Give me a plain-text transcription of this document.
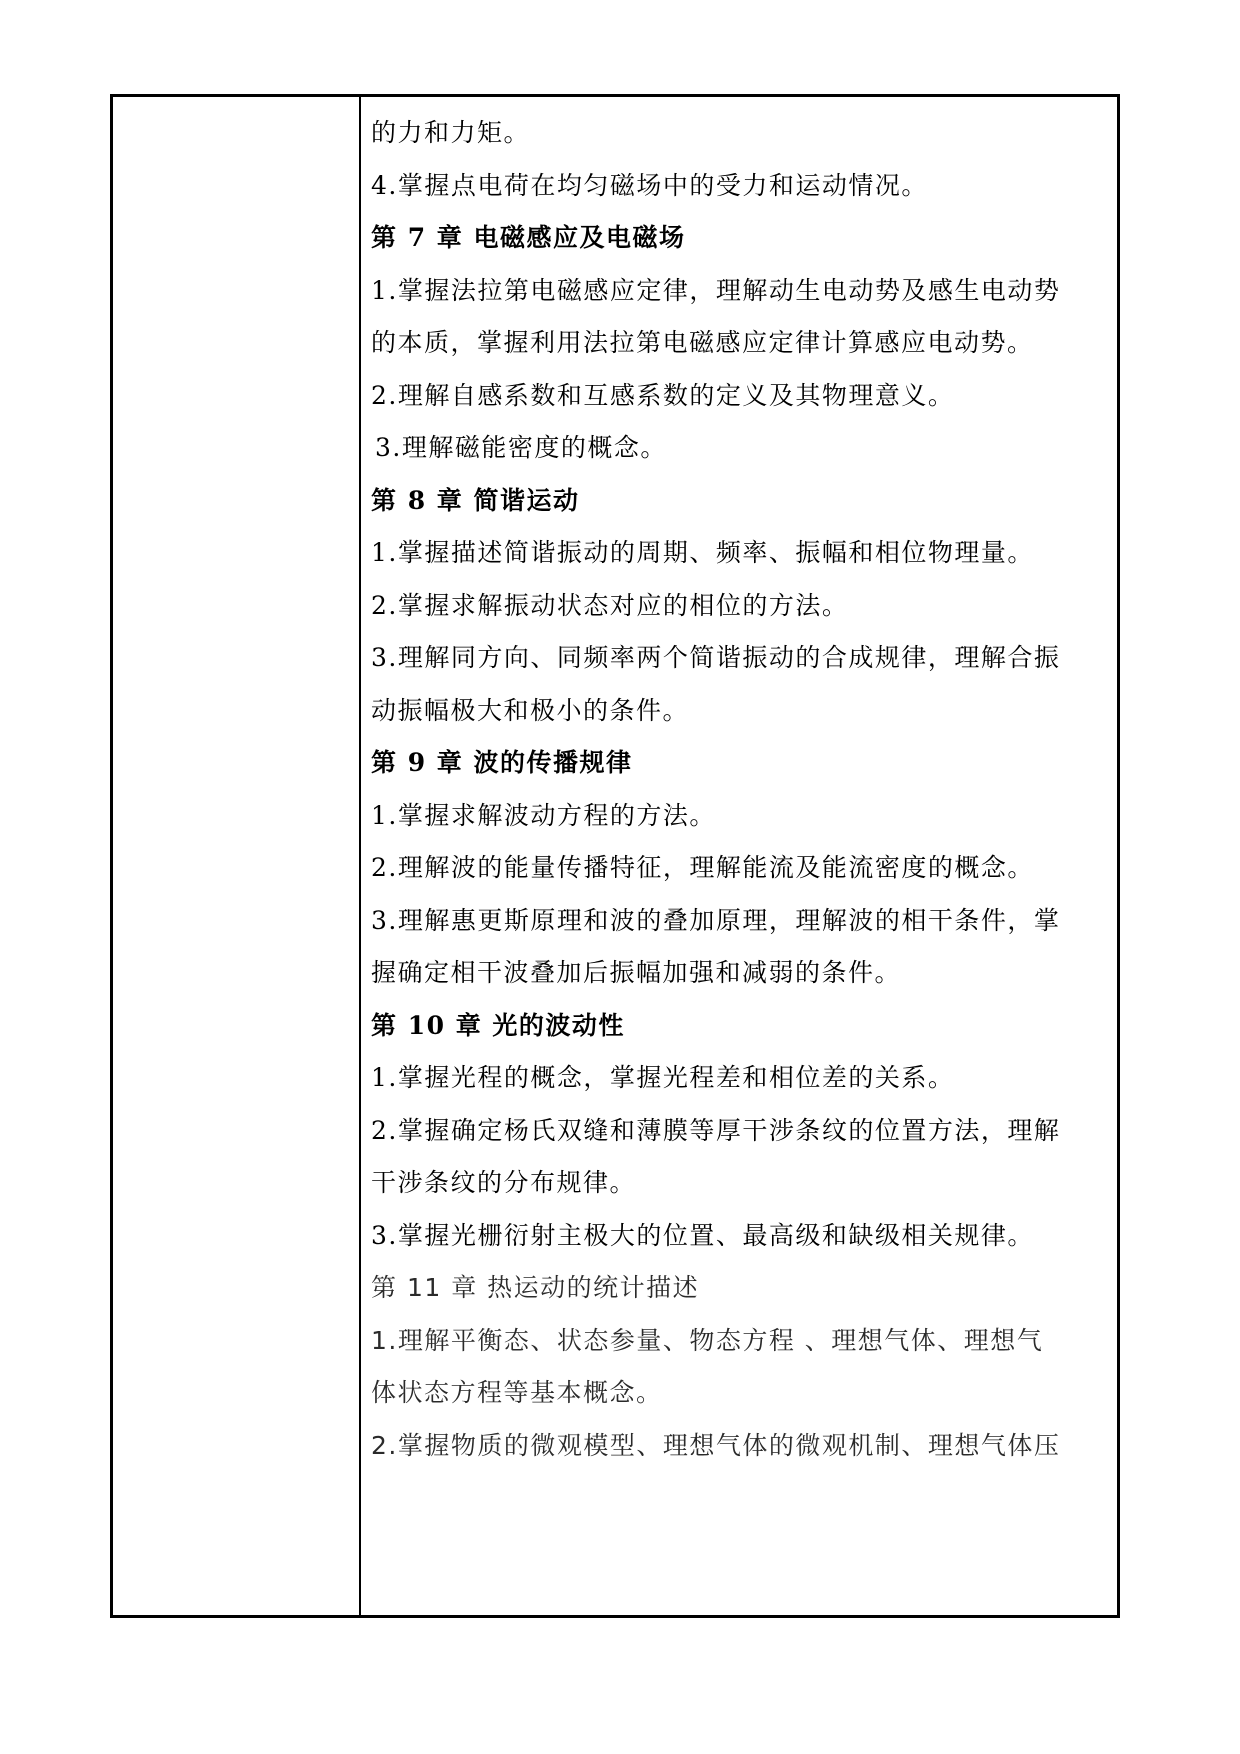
的力和力矩。
4.掌握点电荷在均匀磁场中的受力和运动情况。
第 7 章 电磁感应及电磁场
1.掌握法拉第电磁感应定律，理解动生电动势及感生电动势
的本质，掌握利用法拉第电磁感应定律计算感应电动势。
2.理解自感系数和互感系数的定义及其物理意义。
3.理解磁能密度的概念。
第 8 章 简谐运动
1.掌握描述简谐振动的周期、频率、振幅和相位物理量。
2.掌握求解振动状态对应的相位的方法。
3.理解同方向、同频率两个简谐振动的合成规律，理解合振
动振幅极大和极小的条件。
第 9 章 波的传播规律
1.掌握求解波动方程的方法。
2.理解波的能量传播特征，理解能流及能流密度的概念。
3.理解惠更斯原理和波的叠加原理，理解波的相干条件，掌
握确定相干波叠加后振幅加强和减弱的条件。
第 10 章 光的波动性
1.掌握光程的概念，掌握光程差和相位差的关系。
2.掌握确定杨氏双缝和薄膜等厚干涉条纹的位置方法，理解
干涉条纹的分布规律。
3.掌握光栅衍射主极大的位置、最高级和缺级相关规律。
第 11 章 热运动的统计描述
1.理解平衡态、状态参量、物态方程 、理想气体、理想气
体状态方程等基本概念。
2.掌握物质的微观模型、理想气体的微观机制、理想气体压
